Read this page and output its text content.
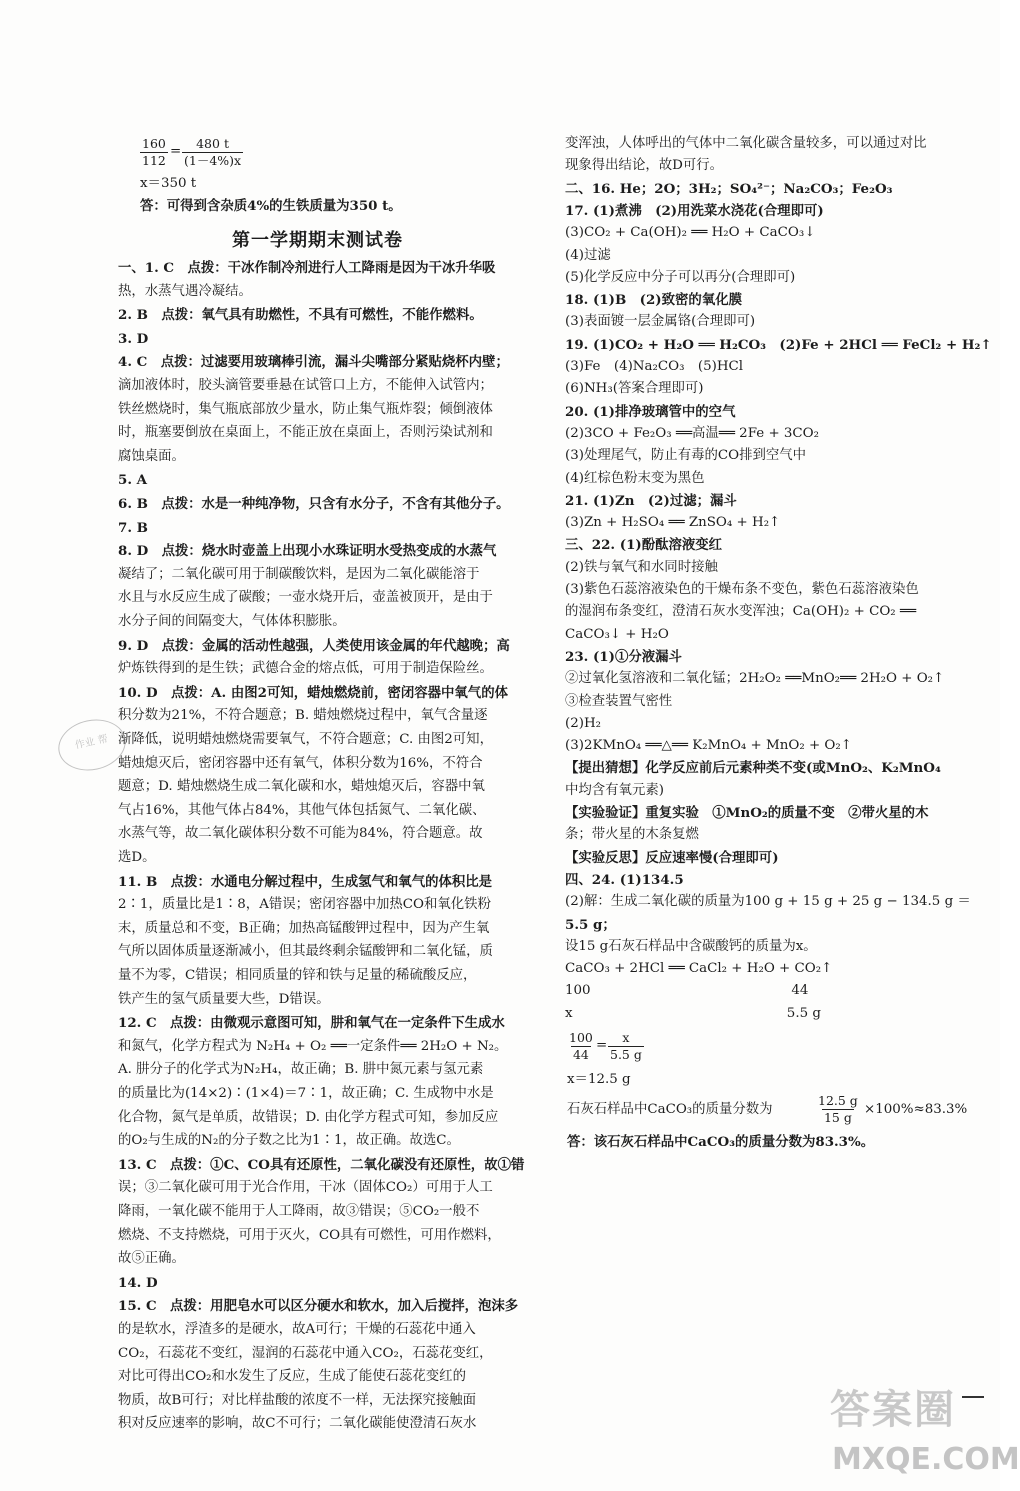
$\frac{160}{112} = \frac{480 t}{(1-4\%)x}$
x＝350 t
答：可得到含杂质4%的生铁质量为350 t。
第一学期期末测试卷
一、1. C　点拨：干冰作制冷剂进行人工降雨是因为干冰升华吸
热，水蒸气遇冷凝结。
2. B　点拨：氧气具有助燃性，不具有可燃性，不能作燃料。
3. D
4. C　点拨：过滤要用玻璃棒引流，漏斗尖嘴部分紧贴烧杯内壁；
滴加液体时，胶头滴管要垂悬在试管口上方，不能伸入试管内；
铁丝燃烧时，集气瓶底部放少量水，防止集气瓶炸裂；倾倒液体
时，瓶塞要倒放在桌面上，不能正放在桌面上，否则污染试剂和
腐蚀桌面。
5. A
6. B　点拨：水是一种纯净物，只含有水分子，不含有其他分子。
7. B
8. D　点拨：烧水时壶盖上出现小水珠证明水受热变成的水蒸气
凝结了；二氧化碳可用于制碳酸饮料，是因为二氧化碳能溶于
水且与水反应生成了碳酸；一壶水烧开后，壶盖被顶开，是由于
水分子间的间隔变大，气体体积膨胀。
9. D　点拨：金属的活动性越强，人类使用该金属的年代越晚；高
炉炼铁得到的是生铁；武德合金的熔点低，可用于制造保险丝。
10. D　点拨：A. 由图2可知，蜡烛燃烧前，密闭容器中氧气的体
积分数为21%，不符合题意；B. 蜡烛燃烧过程中，氧气含量逐
渐降低，说明蜡烛燃烧需要氧气，不符合题意；C. 由图2可知，
蜡烛熄灭后，密闭容器中还有氧气，体积分数为16%，不符合
题意；D. 蜡烛燃烧生成二氧化碳和水，蜡烛熄灭后，容器中氧
气占16%，其他气体占84%，其他气体包括氮气、二氧化碳、
水蒸气等，故二氧化碳体积分数不可能为84%，符合题意。故
选D。
11. B　点拨：水通电分解过程中，生成氢气和氧气的体积比是
2∶1，质量比是1∶8，A错误；密闭容器中加热CO和氧化铁粉
末，质量总和不变，B正确；加热高锰酸钾过程中，因为产生氧
气所以固体质量逐渐减小，但其最终剩余锰酸钾和二氧化锰，质
量不为零，C错误；相同质量的锌和铁与足量的稀硫酸反应，
铁产生的氢气质量要大些，D错误。
12. C　点拨：由微观示意图可知，肼和氧气在一定条件下生成水
和氮气，化学方程式为 N₂H₄ + O₂ ══一定条件══ 2H₂O + N₂。
A. 肼分子的化学式为N₂H₄，故正确；B. 肼中氮元素与氢元素
的质量比为(14×2)∶(1×4)＝7∶1，故正确；C. 生成物中水是
化合物，氮气是单质，故错误；D. 由化学方程式可知，参加反应
的O₂与生成的N₂的分子数之比为1∶1，故正确。故选C。
13. C　点拨：①C、CO具有还原性，二氧化碳没有还原性，故①错
误；③二氧化碳可用于光合作用，干冰（固体CO₂）可用于人工
降雨，一氧化碳不能用于人工降雨，故③错误；⑤CO₂一般不
燃烧、不支持燃烧，可用于灭火，CO具有可燃性，可用作燃料，
故⑤正确。
14. D
15. C　点拨：用肥皂水可以区分硬水和软水，加入后搅拌，泡沫多
的是软水，浮渣多的是硬水，故A可行；干燥的石蕊花中通入
CO₂，石蕊花不变红，湿润的石蕊花中通入CO₂，石蕊花变红，
对比可得出CO₂和水发生了反应，生成了能使石蕊花变红的
物质，故B可行；对比样盐酸的浓度不一样，无法探究接触面
积对反应速率的影响，故C不可行；二氧化碳能使澄清石灰水
变浑浊，人体呼出的气体中二氧化碳含量较多，可以通过对比
现象得出结论，故D可行。
二、16. He；2O；3H₂；SO₄²⁻；Na₂CO₃；Fe₂O₃
17. (1)煮沸　(2)用洗菜水浇花(合理即可)
(3)CO₂ + Ca(OH)₂ ══ H₂O + CaCO₃↓
(4)过滤
(5)化学反应中分子可以再分(合理即可)
18. (1)B　(2)致密的氧化膜
(3)表面镀一层金属铬(合理即可)
19. (1)CO₂ + H₂O ══ H₂CO₃　(2)Fe + 2HCl ══ FeCl₂ + H₂↑
(3)Fe　(4)Na₂CO₃　(5)HCl
(6)NH₃(答案合理即可)
20. (1)排净玻璃管中的空气
(2)3CO + Fe₂O₃ ══高温══ 2Fe + 3CO₂
(3)处理尾气，防止有毒的CO排到空气中
(4)红棕色粉末变为黑色
21. (1)Zn　(2)过滤；漏斗
(3)Zn + H₂SO₄ ══ ZnSO₄ + H₂↑
三、22. (1)酚酞溶液变红
(2)铁与氧气和水同时接触
(3)紫色石蕊溶液染色的干燥布条不变色，紫色石蕊溶液染色
的湿润布条变红，澄清石灰水变浑浊；Ca(OH)₂ + CO₂ ══
CaCO₃↓ + H₂O
23. (1)①分液漏斗
②过氧化氢溶液和二氧化锰；2H₂O₂ ══MnO₂══ 2H₂O + O₂↑
③检查装置气密性
(2)H₂
(3)2KMnO₄ ══△══ K₂MnO₄ + MnO₂ + O₂↑
【提出猜想】化学反应前后元素种类不变(或MnO₂、K₂MnO₄
中均含有氧元素)
【实验验证】重复实验　①MnO₂的质量不变　②带火星的木
条；带火星的木条复燃
【实验反思】反应速率慢(合理即可)
四、24. (1)134.5
(2)解：生成二氧化碳的质量为100 g + 15 g + 25 g − 134.5 g ＝
5.5 g；
设15 g石灰石样品中含碳酸钙的质量为x。
CaCO₃ + 2HCl ══ CaCl₂ + H₂O + CO₂↑
100　　　　　　　　　　　　　　　44
x　　　　　　　　　　　　　　　　5.5 g
$\frac{100}{44} = \frac{x}{5.5 g}$
x＝12.5 g
石灰石样品中CaCO₃的质量分数为	$\frac{12.5 g}{15 g} \times 100\%\approx 83.3\%$
答：该石灰石样品中CaCO₃的质量分数为83.3%。
作业 帮
答案圈
MXQE.COM
